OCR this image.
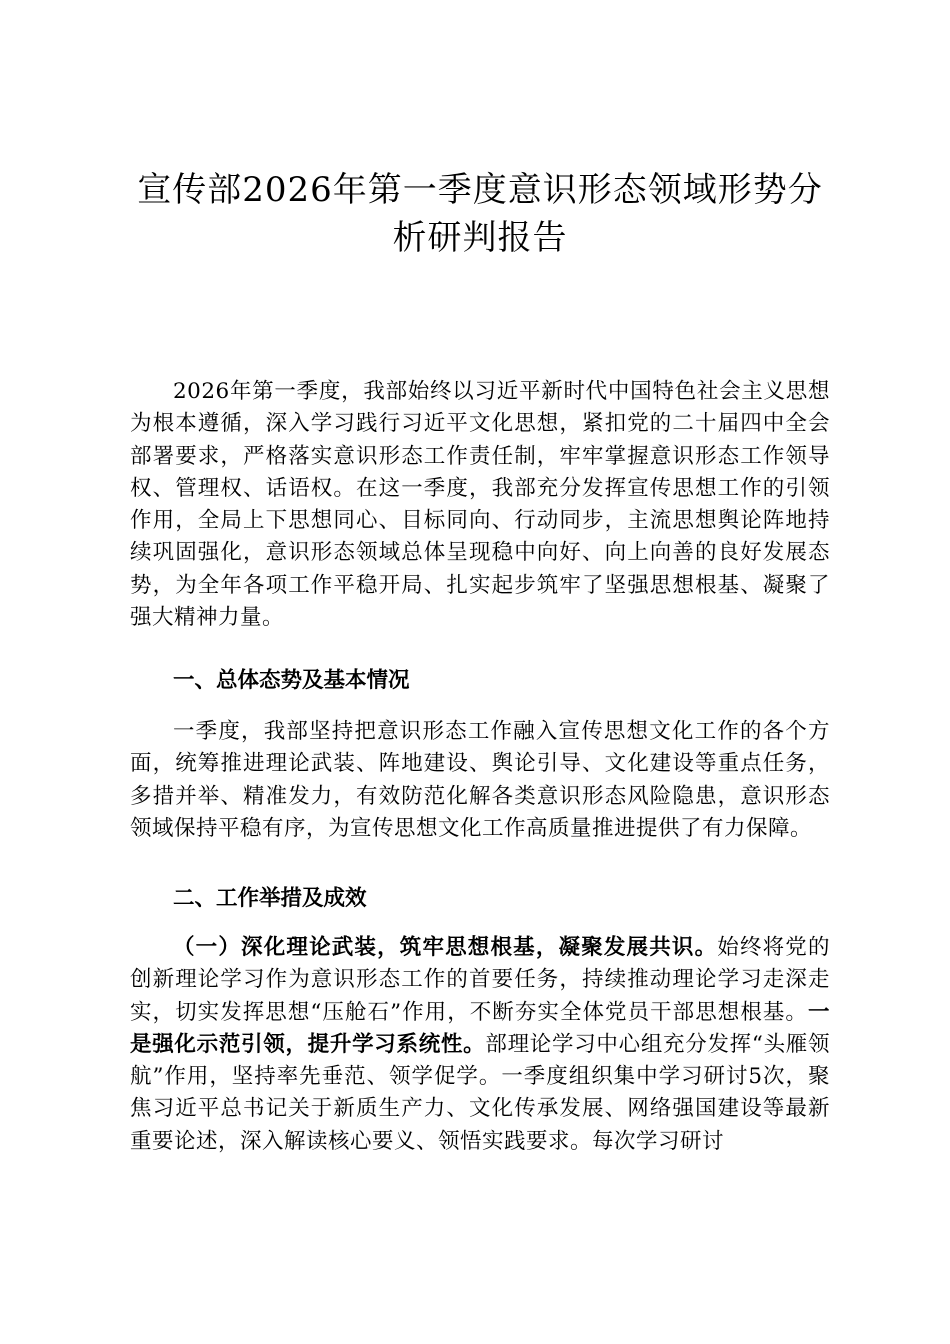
宣传部2026年第一季度意识形态领域形势分析研判报告

2026年第一季度，我部始终以习近平新时代中国特色社会主义思想为根本遵循，深入学习践行习近平文化思想，紧扣党的二十届四中全会部署要求，严格落实意识形态工作责任制，牢牢掌握意识形态工作领导权、管理权、话语权。在这一季度，我部充分发挥宣传思想工作的引领作用，全局上下思想同心、目标同向、行动同步，主流思想舆论阵地持续巩固强化，意识形态领域总体呈现稳中向好、向上向善的良好发展态势，为全年各项工作平稳开局、扎实起步筑牢了坚强思想根基、凝聚了强大精神力量。

一、总体态势及基本情况

一季度，我部坚持把意识形态工作融入宣传思想文化工作的各个方面，统筹推进理论武装、阵地建设、舆论引导、文化建设等重点任务，多措并举、精准发力，有效防范化解各类意识形态风险隐患，意识形态领域保持平稳有序，为宣传思想文化工作高质量推进提供了有力保障。

二、工作举措及成效

（一）深化理论武装，筑牢思想根基，凝聚发展共识。始终将党的创新理论学习作为意识形态工作的首要任务，持续推动理论学习走深走实，切实发挥思想“压舱石”作用，不断夯实全体党员干部思想根基。一是强化示范引领，提升学习系统性。部理论学习中心组充分发挥“头雁领航”作用，坚持率先垂范、领学促学。一季度组织集中学习研讨5次，聚焦习近平总书记关于新质生产力、文化传承发展、网络强国建设等最新重要论述，深入解读核心要义、领悟实践要求。每次学习研讨
